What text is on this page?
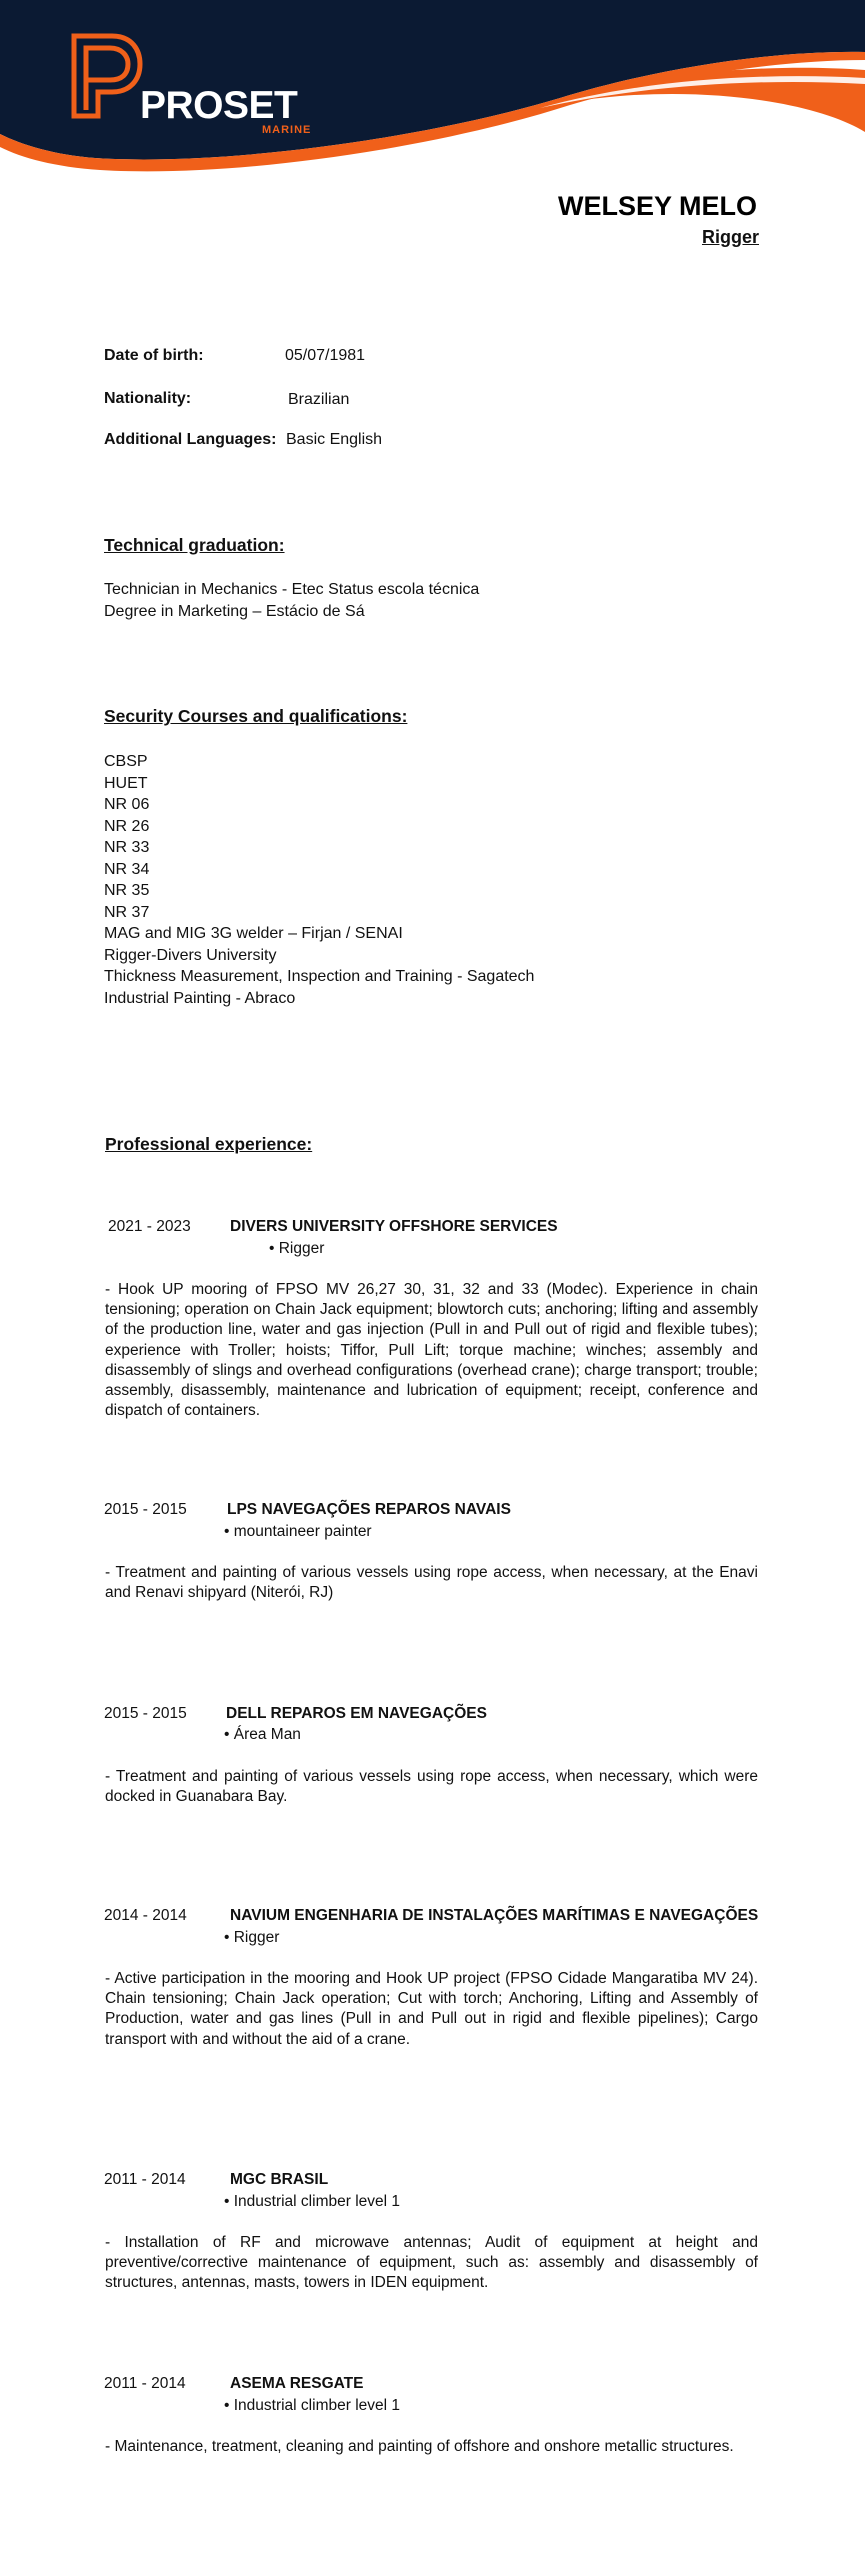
PROSET
MARINE
WELSEY MELO
Rigger
Date of birth:	05/07/1981
Nationality:	Brazilian
Additional Languages: Basic English
Technical graduation:
Technician in Mechanics - Etec Status escola técnica
Degree in Marketing – Estácio de Sá
Security Courses and qualifications:
CBSP
HUET
NR 06
NR 26
NR 33
NR 34
NR 35
NR 37
MAG and MIG 3G welder – Firjan / SENAI
Rigger-Divers University
Thickness Measurement, Inspection and Training - Sagatech
Industrial Painting - Abraco
Professional experience:
2021 - 2023	DIVERS UNIVERSITY OFFSHORE SERVICES
• Rigger
- Hook UP mooring of FPSO MV 26,27 30, 31, 32 and 33 (Modec). Experience in chain tensioning; operation on Chain Jack equipment; blowtorch cuts; anchoring; lifting and assembly of the production line, water and gas injection (Pull in and Pull out of rigid and flexible tubes); experience with Troller; hoists; Tiffor, Pull Lift; torque machine; winches; assembly and disassembly of slings and overhead configurations (overhead crane); charge transport; trouble; assembly, disassembly, maintenance and lubrication of equipment; receipt, conference and dispatch of containers.
2015 - 2015	LPS NAVEGAÇÕES REPAROS NAVAIS
• mountaineer painter
- Treatment and painting of various vessels using rope access, when necessary, at the Enavi and Renavi shipyard (Niterói, RJ)
2015 - 2015	DELL REPAROS EM NAVEGAÇÕES
• Área Man
- Treatment and painting of various vessels using rope access, when necessary, which were docked in Guanabara Bay.
2014 - 2014	NAVIUM ENGENHARIA DE INSTALAÇÕES MARÍTIMAS E NAVEGAÇÕES
• Rigger
- Active participation in the mooring and Hook UP project (FPSO Cidade Mangaratiba MV 24). Chain tensioning; Chain Jack operation; Cut with torch; Anchoring, Lifting and Assembly of Production, water and gas lines (Pull in and Pull out in rigid and flexible pipelines); Cargo transport with and without the aid of a crane.
2011 - 2014	MGC BRASIL
• Industrial climber level 1
- Installation of RF and microwave antennas; Audit of equipment at height and preventive/corrective maintenance of equipment, such as: assembly and disassembly of structures, antennas, masts, towers in IDEN equipment.
2011 - 2014	ASEMA RESGATE
• Industrial climber level 1
- Maintenance, treatment, cleaning and painting of offshore and onshore metallic structures.
